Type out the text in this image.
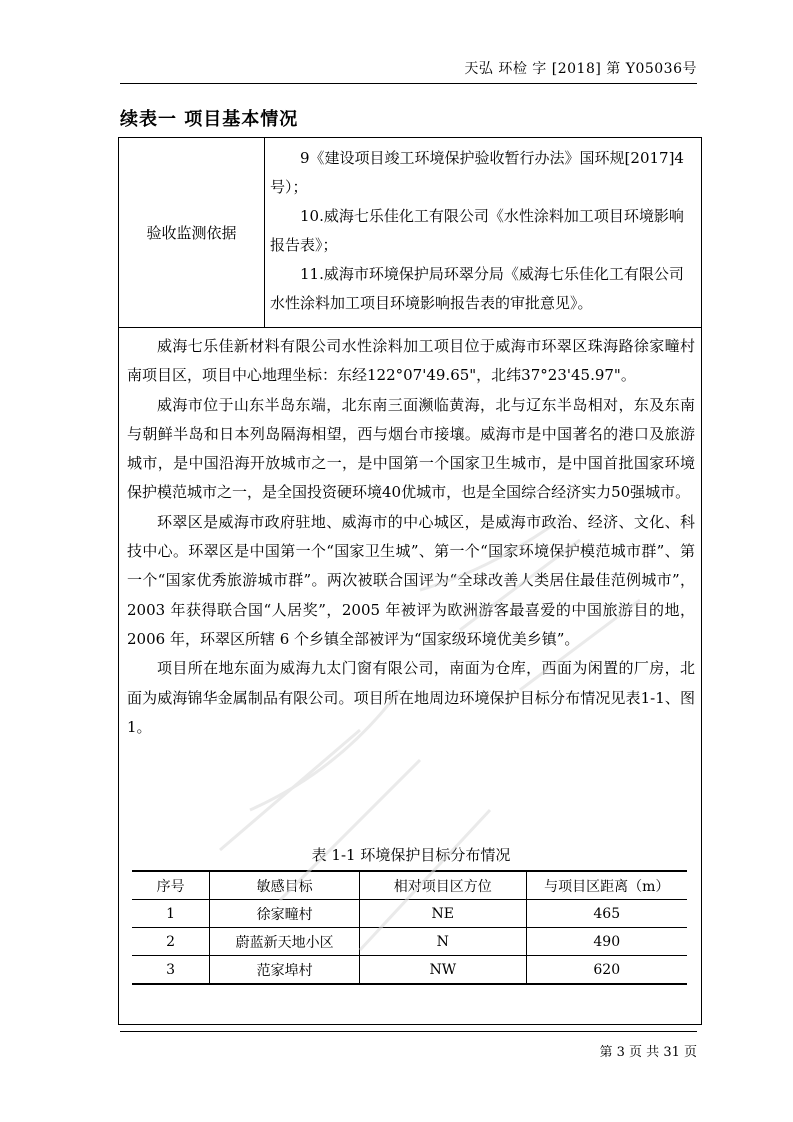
天弘 环检 字 [2018] 第 Y05036号
续表一 项目基本情况
验收监测依据

9《建设项目竣工环境保护验收暂行办法》国环规[2017]4号）；

10.威海七乐佳化工有限公司《水性涂料加工项目环境影响报告表》；

11.威海市环境保护局环翠分局《威海七乐佳化工有限公司水性涂料加工项目环境影响报告表的审批意见》。

威海七乐佳新材料有限公司水性涂料加工项目位于威海市环翠区珠海路徐家疃村南项目区，项目中心地理坐标：东经122°07'49.65"，北纬37°23'45.97"。

威海市位于山东半岛东端，北东南三面濒临黄海，北与辽东半岛相对，东及东南与朝鲜半岛和日本列岛隔海相望，西与烟台市接壤。威海市是中国著名的港口及旅游城市，是中国沿海开放城市之一，是中国第一个国家卫生城市，是中国首批国家环境保护模范城市之一，是全国投资硬环境40优城市，也是全国综合经济实力50强城市。

环翠区是威海市政府驻地、威海市的中心城区，是威海市政治、经济、文化、科技中心。环翠区是中国第一个“国家卫生城”、第一个“国家环境保护模范城市群”、第一个“国家优秀旅游城市群”。两次被联合国评为“全球改善人类居住最佳范例城市”，2003 年获得联合国“人居奖”，2005 年被评为欧洲游客最喜爱的中国旅游目的地，2006 年，环翠区所辖 6 个乡镇全部被评为“国家级环境优美乡镇”。

项目所在地东面为威海九太门窗有限公司，南面为仓库，西面为闲置的厂房，北面为威海锦华金属制品有限公司。项目所在地周边环境保护目标分布情况见表1-1、图 1。

表 1-1 环境保护目标分布情况
序号	敏感目标	相对项目区方位	与项目区距离（m）
1	徐家疃村	NE	465
2	蔚蓝新天地小区	N	490
3	范家埠村	NW	620
第 3 页 共 31 页
